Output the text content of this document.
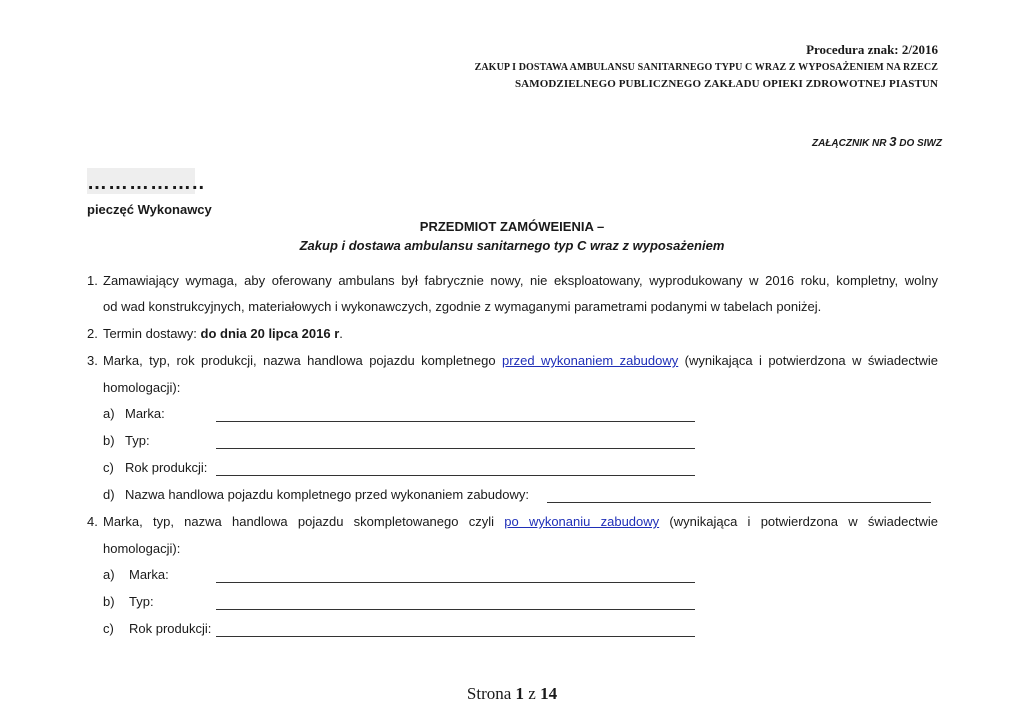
Procedura znak: 2/2016
ZAKUP I DOSTAWA AMBULANSU SANITARNEGO TYPU C WRAZ Z WYPOSAŻENIEM NA RZECZ
SAMODZIELNEGO PUBLICZNEGO ZAKŁADU OPIEKI ZDROWOTNEJ PIASTUN
ZAŁĄCZNIK NR 3 DO SIWZ
……………..
pieczęć Wykonawcy
PRZEDMIOT ZAMÓWEIENIA –
Zakup i dostawa ambulansu sanitarnego typ C wraz z wyposażeniem
1. Zamawiający wymaga, aby oferowany ambulans był fabrycznie nowy, nie eksploatowany, wyprodukowany w 2016 roku, kompletny, wolny
od wad konstrukcyjnych, materiałowych i wykonawczych, zgodnie z wymaganymi parametrami podanymi w tabelach poniżej.
2. Termin dostawy: do dnia 20 lipca 2016 r.
3. Marka, typ, rok produkcji, nazwa handlowa pojazdu kompletnego przed wykonaniem zabudowy (wynikająca i potwierdzona w świadectwie
homologacji):
a) Marka:
b) Typ:
c) Rok produkcji:
d) Nazwa handlowa pojazdu kompletnego przed wykonaniem zabudowy:
4. Marka, typ, nazwa handlowa pojazdu skompletowanego czyli po wykonaniu zabudowy (wynikająca i potwierdzona w świadectwie
homologacji):
a) Marka:
b) Typ:
c) Rok produkcji:
Strona 1 z 14
